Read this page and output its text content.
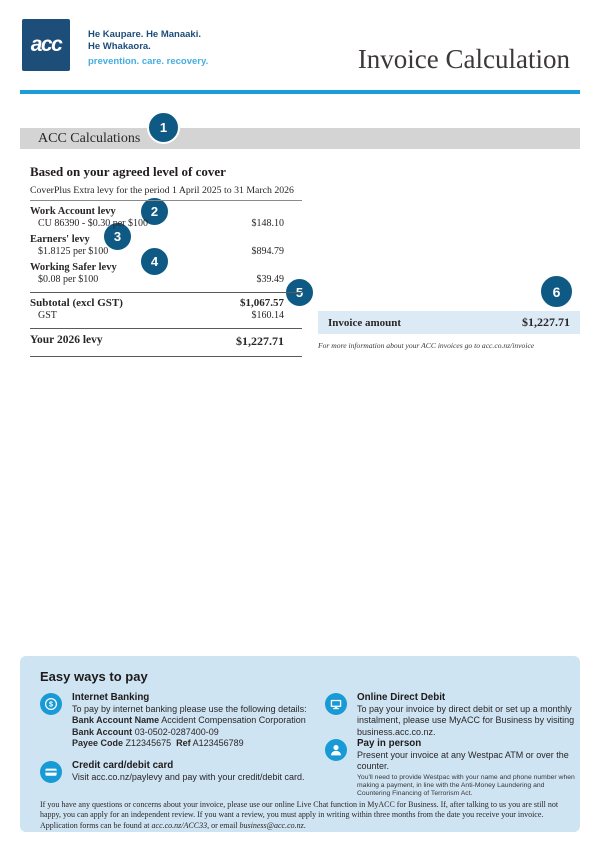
acc	He Kaupare. He Manaaki.
He Whakaora.
prevention. care. recovery.	Invoice Calculation
ACC Calculations
1
2
3
4
5	6
Based on your agreed level of cover
CoverPlus Extra levy for the period 1 April 2025 to 31 March 2026
Work Account levy
CU 86390 - $0.30 per $100	$148.10
Earners' levy
$1.8125 per $100	$894.79
Working Safer levy
$0.08 per $100	$39.49
Subtotal (excl GST)	$1,067.57
GST	$160.14
Your 2026 levy	$1,227.71
Invoice amount	$1,227.71
For more information about your ACC invoices go to acc.co.nz/invoice
Easy ways to pay
$
Internet Banking
To pay by internet banking please use the following details:
Bank Account Name Accident Compensation Corporation
Bank Account 03-0502-0287400-09
Payee Code Z12345675 Ref A123456789
Credit card/debit card
Visit acc.co.nz/paylevy and pay with your credit/debit card.
Online Direct Debit
To pay your invoice by direct debit or set up a monthly instalment, please use MyACC for Business by visiting business.acc.co.nz.
Pay in person
Present your invoice at any Westpac ATM or over the counter.
You'll need to provide Westpac with your name and phone number when making a payment, in line with the Anti-Money Laundering and Countering Financing of Terrorism Act.
If you have any questions or concerns about your invoice, please use our online Live Chat function in MyACC for Business. If, after talking to us you are still not happy, you can apply for an independent review. If you want a review, you must apply in writing within three months from the date you receive your invoice. Application forms can be found at acc.co.nz/ACC33, or email business@acc.co.nz.
